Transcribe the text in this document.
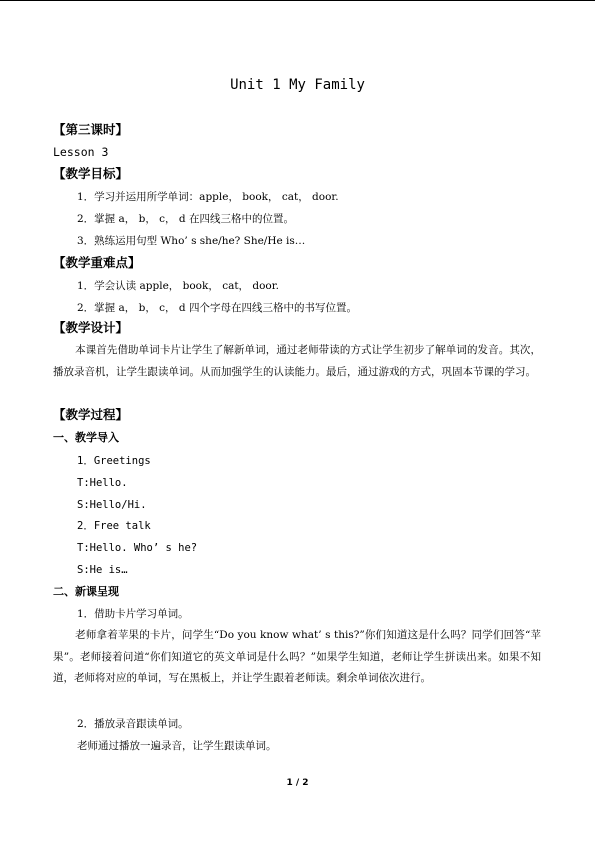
Unit 1 My Family
【第三课时】
Lesson 3
【教学目标】
1．学习并运用所学单词：apple， book， cat， door.
2．掌握 a， b， c， d 在四线三格中的位置。
3．熟练运用句型 Who’ s she/he? She/He is…
【教学重难点】
1．学会认读 apple， book， cat， door.
2．掌握 a， b， c， d 四个字母在四线三格中的书写位置。
【教学设计】
本课首先借助单词卡片让学生了解新单词，通过老师带读的方式让学生初步了解单词的发音。其次，播放录音机，让学生跟读单词。从而加强学生的认读能力。最后，通过游戏的方式，巩固本节课的学习。
【教学过程】
一、教学导入
1．Greetings
T:Hello.
S:Hello/Hi.
2．Free talk
T:Hello. Who’ s he?
S:He is…
二、新课呈现
1．借助卡片学习单词。
老师拿着苹果的卡片，问学生“Do you know what’ s this?”你们知道这是什么吗？同学们回答“苹果”。老师接着问道“你们知道它的英文单词是什么吗？”如果学生知道，老师让学生拼读出来。如果不知道，老师将对应的单词，写在黑板上，并让学生跟着老师读。剩余单词依次进行。
2．播放录音跟读单词。
老师通过播放一遍录音，让学生跟读单词。
1 / 2
